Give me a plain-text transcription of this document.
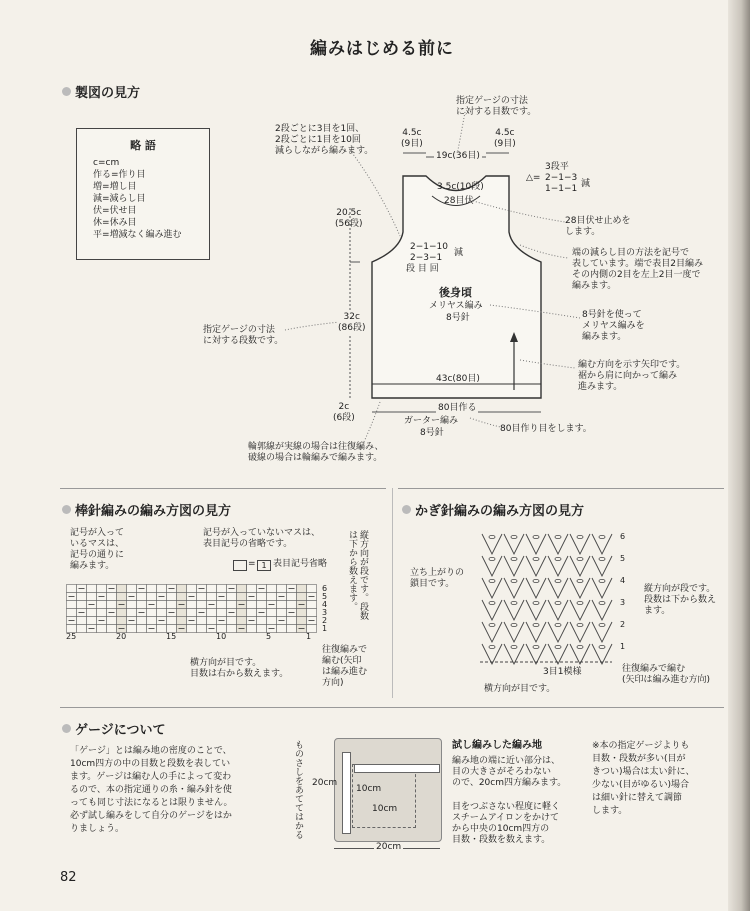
編みはじめる前に
82
製図の見方
略 語
c=cm
作る=作り目
増=増し目
減=減らし目
伏=伏せ目
休=休み目
平=増減なく編み進む
指定ゲージの寸法
に対する目数です。
2段ごとに3目を1回、
2段ごとに1目を10回
減らしながら編みます。
4.5c
(9目)
19c(36目)
4.5c
(9目)
△=
3段平
2−1−3
1−1−1 減
3.5c(10段)
28目伏
28目伏せ止めを
します。
2−1−10
2−3−1	減
段 目 回
端の減らし目の方法を記号で
表しています。端で表目2目編み
その内側の2目を左上2目一度で
編みます。
20.5c
(56段)
32c
(86段)
2c
(6段)
指定ゲージの寸法
に対する段数です。
後身頃
メリヤス編み
8号針	8号針を使って
メリヤス編みを
編みます。
編む方向を示す矢印です。
裾から肩に向かって編み
進みます。
43c(80目)
80目作る
ガーター編み
8号針	80目作り目をします。
輪郭線が実線の場合は往復編み、
破線の場合は輪編みで編みます。
棒針編みの編み方図の見方
記号が入って
いるマスは、
記号の通りに
編みます。
記号が入っていないマスは、
表目記号の省略です。
= 1 表目記号省略	縦方向が段です。段数は下から数えます。
6
5
4
3
2
1
25	20	15	10	5	1
横方向が目です。
目数は右から数えます。
往復編みで
編む(矢印
は編み進む
方向)
かぎ針編みの編み方図の見方
立ち上がりの
鎖目です。
6
5
4
3
2
1
縦方向が段です。
段数は下から数え
ます。
3目1模様
横方向が目です。
往復編みで編む
(矢印は編み進む方向)
ゲージについて
「ゲージ」とは編み地の密度のことで、
10cm四方の中の目数と段数を表してい
ます。ゲージは編む人の手によって変わ
るので、本の指定通りの糸・編み針を使
っても同じ寸法になるとは限りません。
必ず試し編みをして自分のゲージをはか
りましょう。	ものさしをあててはかる 20cm
10cm
10cm
20cm
試し編みした編み地
編み地の端に近い部分は、
目の大きさがそろわない
ので、20cm四方編みます。
目をつぶさない程度に軽く
スチームアイロンをかけて
から中央の10cm四方の
目数・段数を数えます。
※本の指定ゲージよりも
目数・段数が多い(目が
きつい)場合は太い針に、
少ない(目がゆるい)場合
は細い針に替えて調節
します。
